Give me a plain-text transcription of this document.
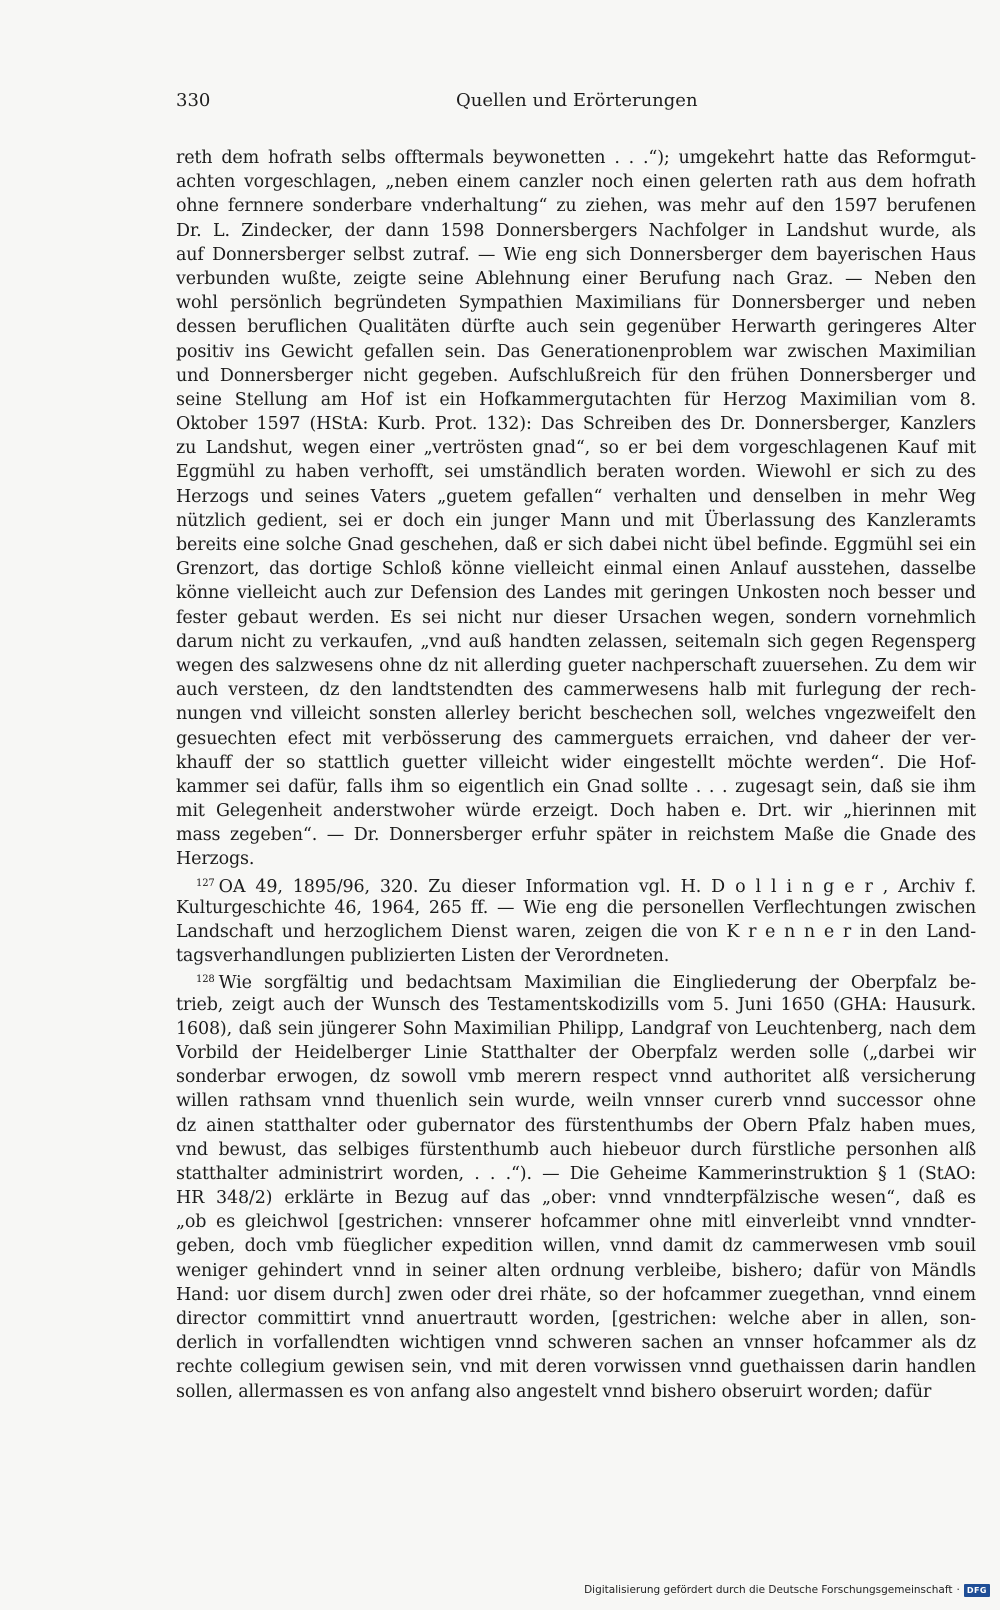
330	Quellen und Erörterungen
reth dem hofrath selbs offtermals beywonetten . . .“); umgekehrt hatte das Reformgut-
achten vorgeschlagen, „neben einem canzler noch einen gelerten rath aus dem hofrath
ohne fernnere sonderbare vnderhaltung“ zu ziehen, was mehr auf den 1597 berufenen
Dr. L. Zindecker, der dann 1598 Donnersbergers Nachfolger in Landshut wurde, als
auf Donnersberger selbst zutraf. — Wie eng sich Donnersberger dem bayerischen Haus
verbunden wußte, zeigte seine Ablehnung einer Berufung nach Graz. — Neben den
wohl persönlich begründeten Sympathien Maximilians für Donnersberger und neben
dessen beruflichen Qualitäten dürfte auch sein gegenüber Herwarth geringeres Alter
positiv ins Gewicht gefallen sein. Das Generationenproblem war zwischen Maximilian
und Donnersberger nicht gegeben. Aufschlußreich für den frühen Donnersberger und
seine Stellung am Hof ist ein Hofkammergutachten für Herzog Maximilian vom 8.
Oktober 1597 (HStA: Kurb. Prot. 132): Das Schreiben des Dr. Donnersberger, Kanzlers
zu Landshut, wegen einer „vertrösten gnad“, so er bei dem vorgeschlagenen Kauf mit
Eggmühl zu haben verhofft, sei umständlich beraten worden. Wiewohl er sich zu des
Herzogs und seines Vaters „guetem gefallen“ verhalten und denselben in mehr Weg
nützlich gedient, sei er doch ein junger Mann und mit Überlassung des Kanzleramts
bereits eine solche Gnad geschehen, daß er sich dabei nicht übel befinde. Eggmühl sei ein
Grenzort, das dortige Schloß könne vielleicht einmal einen Anlauf ausstehen, dasselbe
könne vielleicht auch zur Defension des Landes mit geringen Unkosten noch besser und
fester gebaut werden. Es sei nicht nur dieser Ursachen wegen, sondern vornehmlich
darum nicht zu verkaufen, „vnd auß handten zelassen, seitemaln sich gegen Regensperg
wegen des salzwesens ohne dz nit allerding gueter nachperschaft zuuersehen. Zu dem wir
auch versteen, dz den landtstendten des cammerwesens halb mit furlegung der rech-
nungen vnd villeicht sonsten allerley bericht beschechen soll, welches vngezweifelt den
gesuechten efect mit verbösserung des cammerguets erraichen, vnd daheer der ver-
khauff der so stattlich guetter villeicht wider eingestellt möchte werden“. Die Hof-
kammer sei dafür, falls ihm so eigentlich ein Gnad sollte . . . zugesagt sein, daß sie ihm
mit Gelegenheit anderstwoher würde erzeigt. Doch haben e. Drt. wir „hierinnen mit
mass zegeben“. — Dr. Donnersberger erfuhr später in reichstem Maße die Gnade des
Herzogs.
$^{127}$ OA 49, 1895/96, 320. Zu dieser Information vgl. H. D o l l i n g e r , Archiv f.
Kulturgeschichte 46, 1964, 265 ff. — Wie eng die personellen Verflechtungen zwischen
Landschaft und herzoglichem Dienst waren, zeigen die von K r e n n e r in den Land-
tagsverhandlungen publizierten Listen der Verordneten.
$^{128}$ Wie sorgfältig und bedachtsam Maximilian die Eingliederung der Oberpfalz be-
trieb, zeigt auch der Wunsch des Testamentskodizills vom 5. Juni 1650 (GHA: Hausurk.
1608), daß sein jüngerer Sohn Maximilian Philipp, Landgraf von Leuchtenberg, nach dem
Vorbild der Heidelberger Linie Statthalter der Oberpfalz werden solle („darbei wir
sonderbar erwogen, dz sowoll vmb merern respect vnnd authoritet alß versicherung
willen rathsam vnnd thuenlich sein wurde, weiln vnnser curerb vnnd successor ohne
dz ainen statthalter oder gubernator des fürstenthumbs der Obern Pfalz haben mues,
vnd bewust, das selbiges fürstenthumb auch hiebeuor durch fürstliche personhen alß
statthalter administrirt worden, . . .“). — Die Geheime Kammerinstruktion § 1 (StAO:
HR 348/2) erklärte in Bezug auf das „ober: vnnd vnndterpfälzische wesen“, daß es
„ob es gleichwol [gestrichen: vnnserer hofcammer ohne mitl einverleibt vnnd vnndter-
geben, doch vmb füeglicher expedition willen, vnnd damit dz cammerwesen vmb souil
weniger gehindert vnnd in seiner alten ordnung verbleibe, bishero; dafür von Mändls
Hand: uor disem durch] zwen oder drei rhäte, so der hofcammer zuegethan, vnnd einem
director committirt vnnd anuertrautt worden, [gestrichen: welche aber in allen, son-
derlich in vorfallendten wichtigen vnnd schweren sachen an vnnser hofcammer als dz
rechte collegium gewisen sein, vnd mit deren vorwissen vnnd guethaissen darin handlen
sollen, allermassen es von anfang also angestelt vnnd bishero obseruirt worden; dafür
Digitalisierung gefördert durch die Deutsche Forschungsgemeinschaft · DFG
